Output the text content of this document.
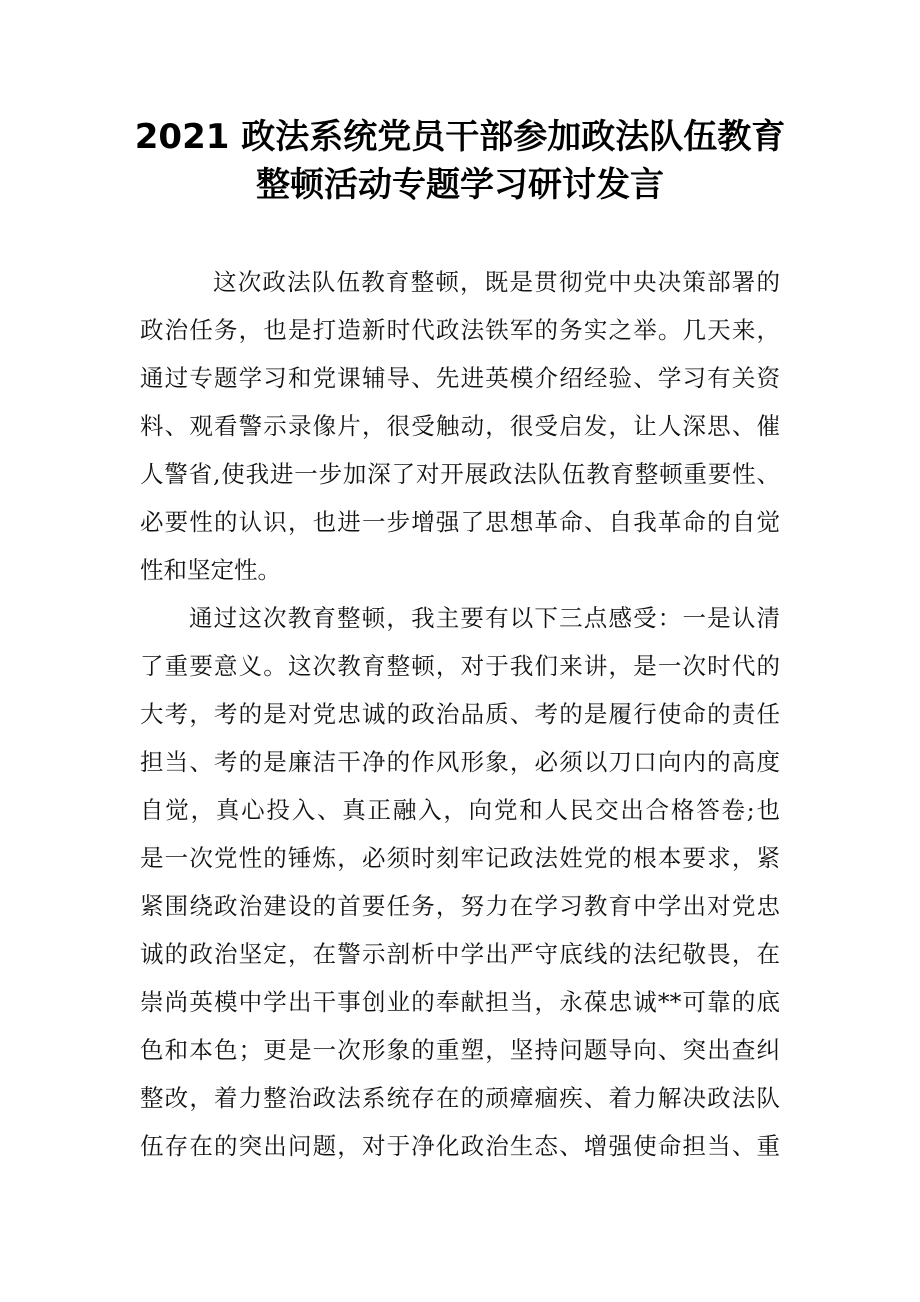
2021 政法系统党员干部参加政法队伍教育
整顿活动专题学习研讨发言

这次政法队伍教育整顿，既是贯彻党中央决策部署的

政治任务，也是打造新时代政法铁军的务实之举。几天来，

通过专题学习和党课辅导、先进英模介绍经验、学习有关资

料、观看警示录像片，很受触动，很受启发，让人深思、催

人警省,使我进一步加深了对开展政法队伍教育整顿重要性、

必要性的认识，也进一步增强了思想革命、自我革命的自觉

性和坚定性。

通过这次教育整顿，我主要有以下三点感受：一是认清

了重要意义。这次教育整顿，对于我们来讲，是一次时代的

大考，考的是对党忠诚的政治品质、考的是履行使命的责任

担当、考的是廉洁干净的作风形象，必须以刀口向内的高度

自觉，真心投入、真正融入，向党和人民交出合格答卷;也

是一次党性的锤炼，必须时刻牢记政法姓党的根本要求，紧

紧围绕政治建设的首要任务，努力在学习教育中学出对党忠

诚的政治坚定，在警示剖析中学出严守底线的法纪敬畏，在

崇尚英模中学出干事创业的奉献担当，永葆忠诚**可靠的底

色和本色；更是一次形象的重塑，坚持问题导向、突出查纠

整改，着力整治政法系统存在的顽瘴痼疾、着力解决政法队

伍存在的突出问题，对于净化政治生态、增强使命担当、重
